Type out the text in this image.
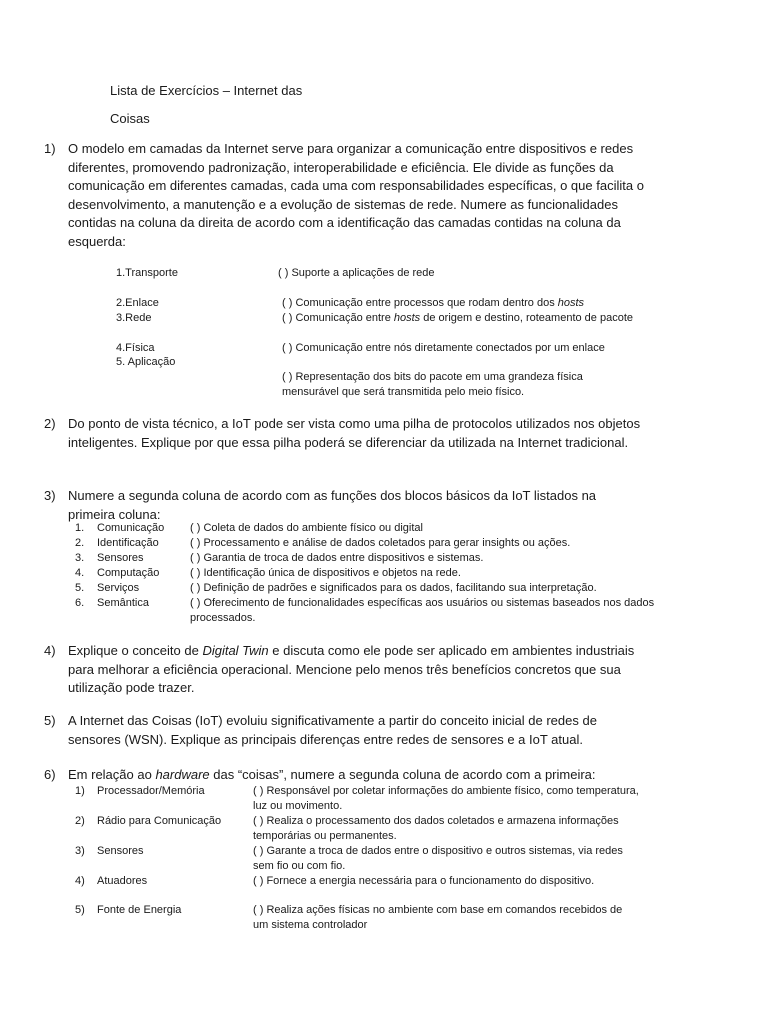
Lista de Exercícios – Internet das
Coisas
1) O modelo em camadas da Internet serve para organizar a comunicação entre dispositivos e redes diferentes, promovendo padronização, interoperabilidade e eficiência. Ele divide as funções da comunicação em diferentes camadas, cada uma com responsabilidades específicas, o que facilita o desenvolvimento, a manutenção e a evolução de sistemas de rede. Numere as funcionalidades contidas na coluna da direita de acordo com a identificação das camadas contidas na coluna da esquerda:
1.Transporte
2.Enlace
3.Rede
4.Física
5. Aplicação
( ) Suporte a aplicações de rede
( ) Comunicação entre processos que rodam dentro dos hosts
( ) Comunicação entre hosts de origem e destino, roteamento de pacote
( ) Comunicação entre nós diretamente conectados por um enlace
( ) Representação dos bits do pacote em uma grandeza física mensurável que será transmitida pelo meio físico.
2) Do ponto de vista técnico, a IoT pode ser vista como uma pilha de protocolos utilizados nos objetos inteligentes. Explique por que essa pilha poderá se diferenciar da utilizada na Internet tradicional.
3) Numere a segunda coluna de acordo com as funções dos blocos básicos da IoT listados na primeira coluna:
1.
2.
3.
4.
5.
6.
Comunicação
Identificação
Sensores
Computação
Serviços
Semântica
( ) Coleta de dados do ambiente físico ou digital
( ) Processamento e análise de dados coletados para gerar insights ou ações.
( ) Garantia de troca de dados entre dispositivos e sistemas.
( ) Identificação única de dispositivos e objetos na rede.
( ) Definição de padrões e significados para os dados, facilitando sua interpretação.
( ) Oferecimento de funcionalidades específicas aos usuários ou sistemas baseados nos dados processados.
4) Explique o conceito de Digital Twin e discuta como ele pode ser aplicado em ambientes industriais para melhorar a eficiência operacional. Mencione pelo menos três benefícios concretos que sua utilização pode trazer.
5) A Internet das Coisas (IoT) evoluiu significativamente a partir do conceito inicial de redes de sensores (WSN). Explique as principais diferenças entre redes de sensores e a IoT atual.
6) Em relação ao hardware das “coisas”, numere a segunda coluna de acordo com a primeira:
1)
2)
3)
4)
5)
Processador/Memória
Rádio para Comunicação
Sensores
Atuadores
Fonte de Energia
( ) Responsável por coletar informações do ambiente físico, como temperatura, luz ou movimento.
( ) Realiza o processamento dos dados coletados e armazena informações temporárias ou permanentes.
( ) Garante a troca de dados entre o dispositivo e outros sistemas, via redes sem fio ou com fio.
( ) Fornece a energia necessária para o funcionamento do dispositivo.
( ) Realiza ações físicas no ambiente com base em comandos recebidos de um sistema controlador
